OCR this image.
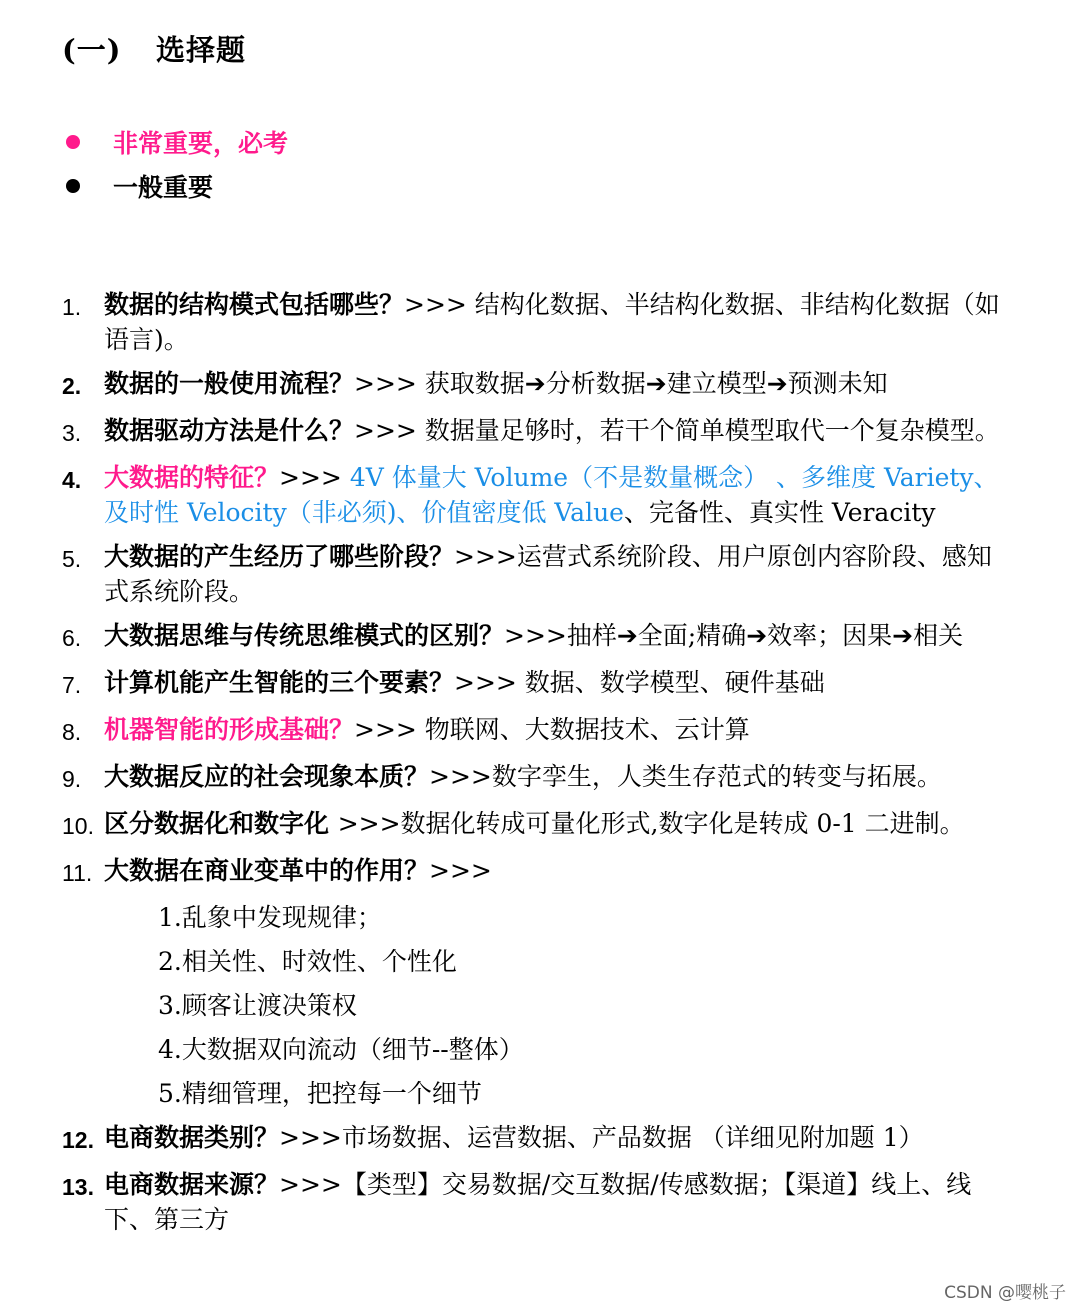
(一) 选择题
非常重要，必考
一般重要
1. 数据的结构模式包括哪些？>>> 结构化数据、半结构化数据、非结构化数据（如语言)。
2. 数据的一般使用流程？>>> 获取数据➔分析数据➔建立模型➔预测未知
3. 数据驱动方法是什么？>>> 数据量足够时，若干个简单模型取代一个复杂模型。
4. 大数据的特征？>>> 4V 体量大 Volume（不是数量概念） 、多维度 Variety、及时性 Velocity（非必须)、价值密度低 Value、完备性、真实性 Veracity
5. 大数据的产生经历了哪些阶段？>>>运营式系统阶段、用户原创内容阶段、感知式系统阶段。
6. 大数据思维与传统思维模式的区别？>>>抽样➔全面;精确➔效率；因果➔相关
7. 计算机能产生智能的三个要素？>>> 数据、数学模型、硬件基础
8. 机器智能的形成基础？>>> 物联网、大数据技术、云计算
9. 大数据反应的社会现象本质？>>>数字孪生，人类生存范式的转变与拓展。
10. 区分数据化和数字化 >>>数据化转成可量化形式,数字化是转成 0-1 二进制。
11. 大数据在商业变革中的作用？>>>
1.乱象中发现规律；
2.相关性、时效性、个性化
3.顾客让渡决策权
4.大数据双向流动（细节--整体）
5.精细管理，把控每一个细节
12. 电商数据类别？>>>市场数据、运营数据、产品数据 （详细见附加题 1）
13. 电商数据来源？>>>【类型】交易数据/交互数据/传感数据；【渠道】线上、线下、第三方
CSDN @嘤桃子
